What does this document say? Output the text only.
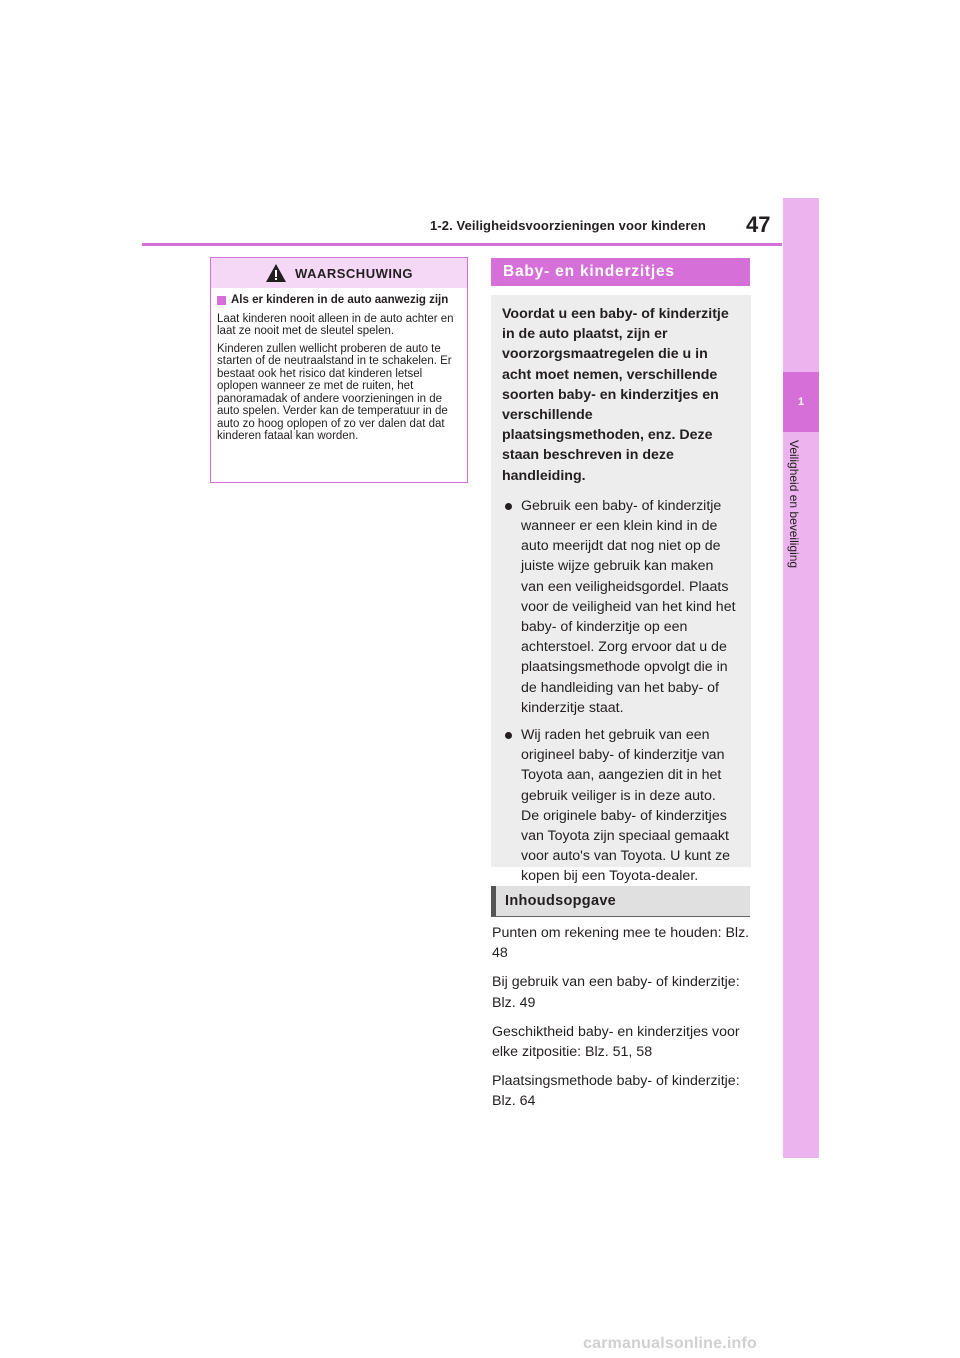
1-2. Veiligheidsvoorzieningen voor kinderen 47
1
Veiligheid en beveiliging
WAARSCHUWING
Als er kinderen in de auto aanwezig zijn

Laat kinderen nooit alleen in de auto achter en laat ze nooit met de sleutel spelen.

Kinderen zullen wellicht proberen de auto te starten of de neutraalstand in te schakelen. Er bestaat ook het risico dat kinderen letsel oplopen wanneer ze met de ruiten, het panoramadak of andere voorzieningen in de auto spelen. Verder kan de temperatuur in de auto zo hoog oplopen of zo ver dalen dat dat kinderen fataal kan worden.

Baby- en kinderzitjes

Voordat u een baby- of kinderzitje in de auto plaatst, zijn er voorzorgsmaatregelen die u in acht moet nemen, verschillende soorten baby- en kinderzitjes en verschillende plaatsingsmethoden, enz. Deze staan beschreven in deze handleiding.

Gebruik een baby- of kinderzitje wanneer er een klein kind in de auto meerijdt dat nog niet op de juiste wijze gebruik kan maken van een veiligheidsgordel. Plaats voor de veiligheid van het kind het baby- of kinderzitje op een achterstoel. Zorg ervoor dat u de plaatsingsmethode opvolgt die in de handleiding van het baby- of kinderzitje staat.
Wij raden het gebruik van een origineel baby- of kinderzitje van Toyota aan, aangezien dit in het gebruik veiliger is in deze auto. De originele baby- of kinderzitjes van Toyota zijn speciaal gemaakt voor auto's van Toyota. U kunt ze kopen bij een Toyota-dealer.
Inhoudsopgave

Punten om rekening mee te houden: Blz. 48

Bij gebruik van een baby- of kinderzitje: Blz. 49

Geschiktheid baby- en kinderzitjes voor elke zitpositie: Blz. 51, 58

Plaatsingsmethode baby- of kinderzitje: Blz. 64

carmanualsonline.info
